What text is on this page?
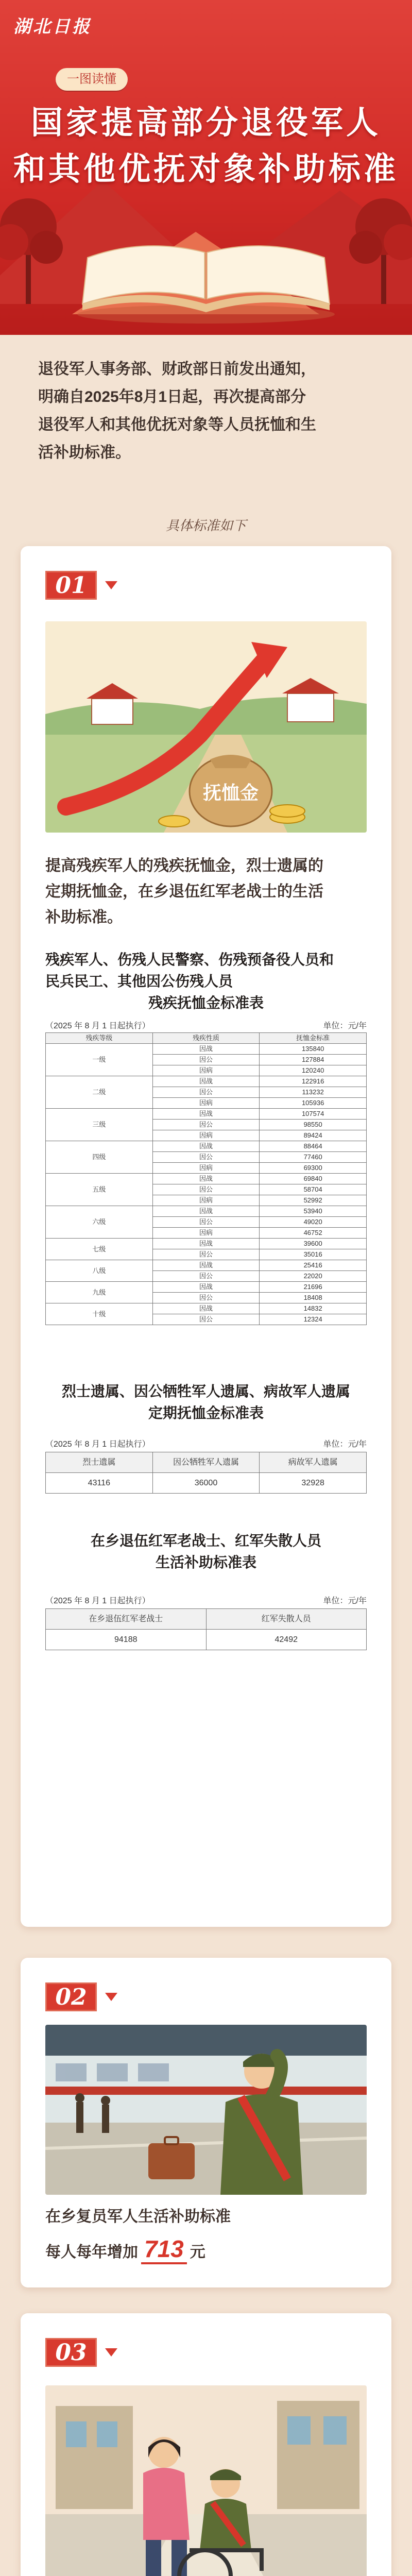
湖北日报
一图读懂
国家提高部分退役军人
和其他优抚对象补助标准
退役军人事务部、财政部日前发出通知，
明确自2025年8月1日起，再次提高部分
退役军人和其他优抚对象等人员抚恤和生
活补助标准。
具体标准如下
01
抚恤金
提高残疾军人的残疾抚恤金，烈士遗属的
定期抚恤金，在乡退伍红军老战士的生活
补助标准。
残疾军人、伤残人民警察、伤残预备役人员和
民兵民工、其他因公伤残人员
残疾抚恤金标准表
（2025 年 8 月 1 日起执行）	单位：元/年
残疾等级	残疾性质	抚恤金标准
一级	因战	135840
	因公	127884
	因病	120240
二级	因战	122916
	因公	113232
	因病	105936
三级	因战	107574
	因公	98550
	因病	89424
四级	因战	88464
	因公	77460
	因病	69300
五级	因战	69840
	因公	58704
	因病	52992
六级	因战	53940
	因公	49020
	因病	46752
七级	因战	39600
	因公	35016
八级	因战	25416
	因公	22020
九级	因战	21696
	因公	18408
十级	因战	14832
	因公	12324
烈士遗属、因公牺牲军人遗属、病故军人遗属
定期抚恤金标准表
（2025 年 8 月 1 日起执行）	单位：元/年
烈士遗属	因公牺牲军人遗属	病故军人遗属
43116	36000	32928
在乡退伍红军老战士、红军失散人员
生活补助标准表
（2025 年 8 月 1 日起执行）	单位：元/年
在乡退伍红军老战士	红军失散人员
94188	42492
02
在乡复员军人生活补助标准
每人每年增加 713 元
03
